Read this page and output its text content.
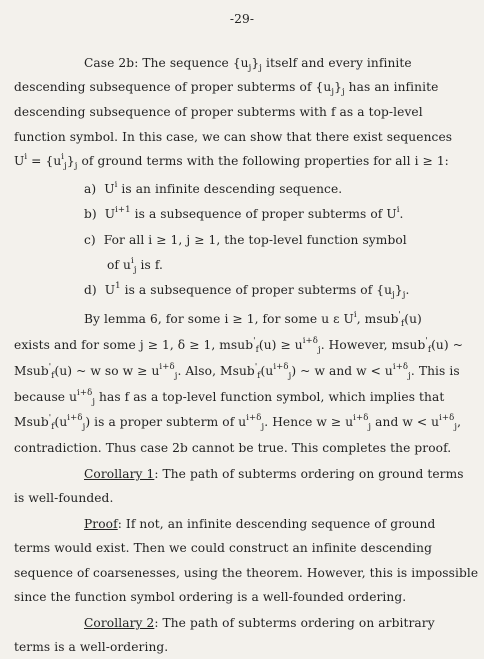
-29-
Case 2b: The sequence $\{u_j\}_j$ itself and every infinite
descending subsequence of proper subterms of $\{u_j\}_j$ has an infinite
descending subsequence of proper subterms with f as a top-level
function symbol. In this case, we can show that there exist sequences
$U^i = \{u^i_j\}_j$ of ground terms with the following properties for all i ≥ 1:
a) $U^i$ is an infinite descending sequence.
b) $U^{i+1}$ is a subsequence of proper subterms of $U^i$.
c) For all i ≥ 1, j ≥ 1, the top-level function symbol
of $u^i_j$ is f.
d) $U^1$ is a subsequence of proper subterms of $\{u_j\}_j$.
By lemma 6, for some i ≥ 1, for some u ε $U^i$, msub'$_f$(u)
exists and for some j ≥ 1, δ ≥ 1, msub'$_f$(u) ≥ $u^{i+\delta}_j$. However, msub'$_f$(u) ~
Msub'$_f$(u) ~ w so $w \ge u^{i+\delta}_j$. Also, $Msub'_f(u^{i+\delta}_j)$ ~ w and $w < u^{i+\delta}_j$. This is
because $u^{i+\delta}_j$ has f as a top-level function symbol, which implies that
$Msub'_f(u^{i+\delta}_j)$ is a proper subterm of $u^{i+\delta}_j$. Hence $w \ge u^{i+\delta}_j$ and $w < u^{i+\delta}_j$,
contradiction. Thus case 2b cannot be true. This completes the proof.
Corollary 1: The path of subterms ordering on ground terms
is well-founded.
Proof: If not, an infinite descending sequence of ground
terms would exist. Then we could construct an infinite descending
sequence of coarsenesses, using the theorem. However, this is impossible
since the function symbol ordering is a well-founded ordering.
Corollary 2: The path of subterms ordering on arbitrary
terms is a well-ordering.
